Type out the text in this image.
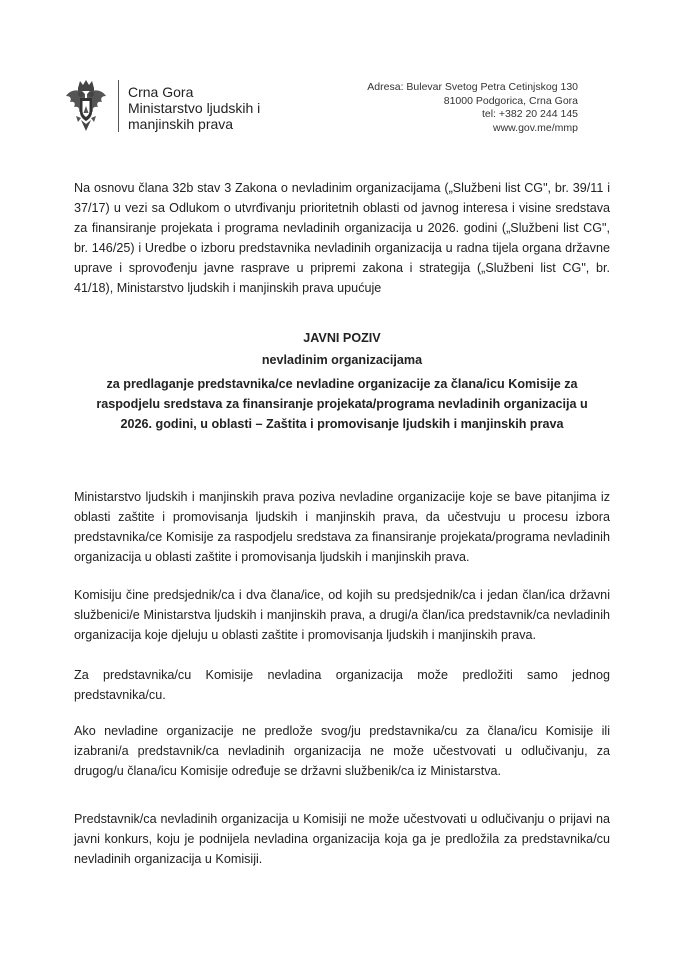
Crna Gora
Ministarstvo ljudskih i
manjinskih prava
Adresa: Bulevar Svetog Petra Cetinjskog 130
81000 Podgorica, Crna Gora
tel: +382 20 244 145
www.gov.me/mmp
Na osnovu člana 32b stav 3 Zakona o nevladinim organizacijama („Službeni list CG", br. 39/11 i 37/17) u vezi sa Odlukom o utvrđivanju prioritetnih oblasti od javnog interesa i visine sredstava za finansiranje projekata i programa nevladinih organizacija u 2026. godini („Službeni list CG", br. 146/25) i Uredbe o izboru predstavnika nevladinih organizacija u radna tijela organa državne uprave i sprovođenju javne rasprave u pripremi zakona i strategija („Službeni list CG", br. 41/18), Ministarstvo ljudskih i manjinskih prava upućuje
JAVNI POZIV
nevladinim organizacijama
za predlaganje predstavnika/ce nevladine organizacije za člana/icu Komisije za raspodjelu sredstava za finansiranje projekata/programa nevladinih organizacija u 2026. godini, u oblasti – Zaštita i promovisanje ljudskih i manjinskih prava
Ministarstvo ljudskih i manjinskih prava poziva nevladine organizacije koje se bave pitanjima iz oblasti zaštite i promovisanja ljudskih i manjinskih prava, da učestvuju u procesu izbora predstavnika/ce Komisije za raspodjelu sredstava za finansiranje projekata/programa nevladinih organizacija u oblasti zaštite i promovisanja ljudskih i manjinskih prava.
Komisiju čine predsjednik/ca i dva člana/ice, od kojih su predsjednik/ca i jedan član/ica državni službenici/e Ministarstva ljudskih i manjinskih prava, a drugi/a član/ica predstavnik/ca nevladinih organizacija koje djeluju u oblasti zaštite i promovisanja ljudskih i manjinskih prava.
Za predstavnika/cu Komisije nevladina organizacija može predložiti samo jednog predstavnika/cu.
Ako nevladine organizacije ne predlože svog/ju predstavnika/cu za člana/icu Komisije ili izabrani/a predstavnik/ca nevladinih organizacija ne može učestvovati u odlučivanju, za drugog/u člana/icu Komisije određuje se državni službenik/ca iz Ministarstva.
Predstavnik/ca nevladinih organizacija u Komisiji ne može učestvovati u odlučivanju o prijavi na javni konkurs, koju je podnijela nevladina organizacija koja ga je predložila za predstavnika/cu nevladinih organizacija u Komisiji.
